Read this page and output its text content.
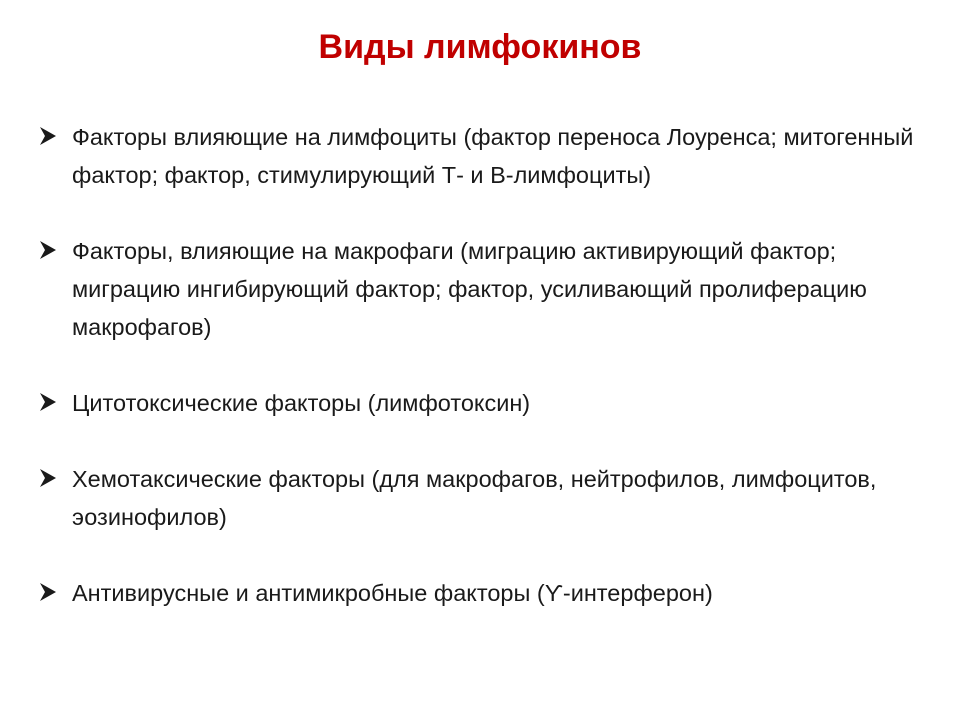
Виды лимфокинов
Факторы влияющие на лимфоциты (фактор переноса Лоуренса; митогенный фактор; фактор, стимулирующий Т- и В-лимфоциты)
Факторы, влияющие на макрофаги (миграцию активирующий фактор; миграцию ингибирующий фактор; фактор, усиливающий пролиферацию макрофагов)
Цитотоксические факторы (лимфотоксин)
Хемотаксические факторы (для макрофагов, нейтрофилов, лимфоцитов, эозинофилов)
Антивирусные и антимикробные факторы (ϒ-интерферон)
